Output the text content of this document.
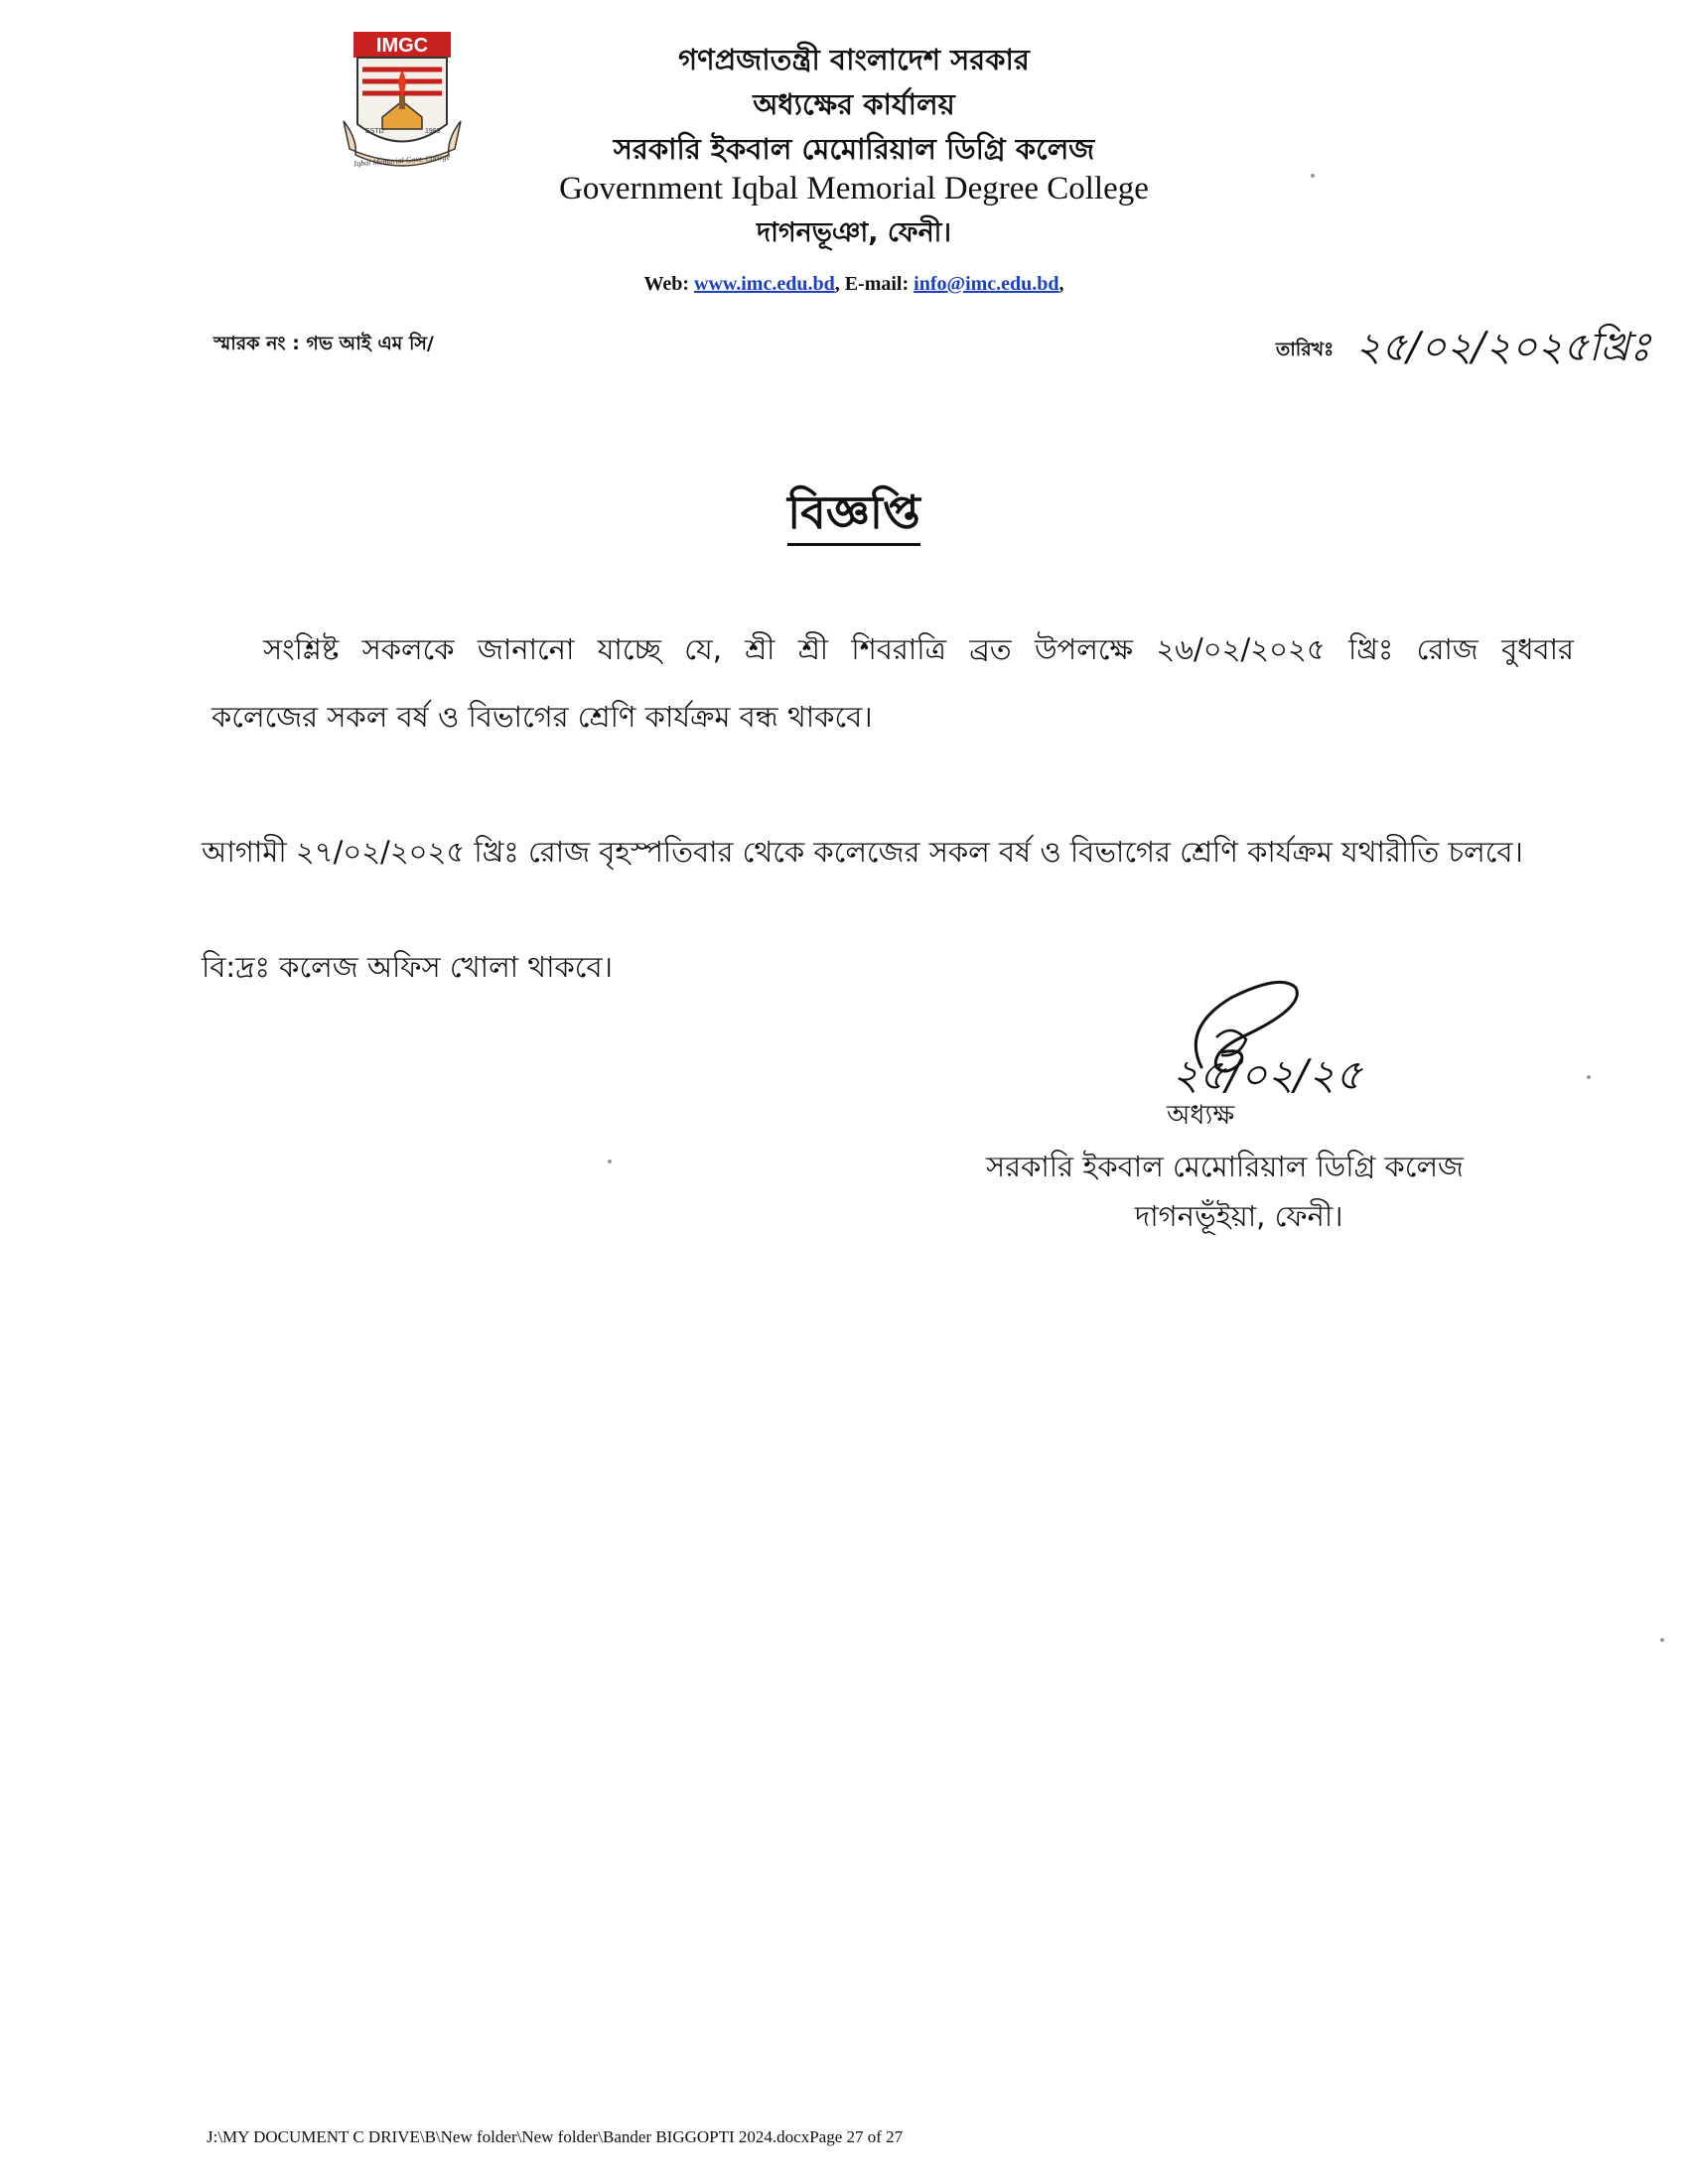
IMGC
ESTD	1983
Iqbal Memorial Govt. College
গণপ্রজাতন্ত্রী বাংলাদেশ সরকার
অধ্যক্ষের কার্যালয়
সরকারি ইকবাল মেমোরিয়াল ডিগ্রি কলেজ
Government Iqbal Memorial Degree College
দাগনভূঞা, ফেনী।
Web: www.imc.edu.bd, E-mail: info@imc.edu.bd,
স্মারক নং : গভ আই এম সি/	তারিখঃ ২৫/০২/২০২৫খ্রিঃ
বিজ্ঞপ্তি
সংশ্লিষ্ট সকলকে জানানো যাচ্ছে যে, শ্রী শ্রী শিবরাত্রি ব্রত উপলক্ষে ২৬/০২/২০২৫ খ্রিঃ রোজ বুধবার
কলেজের সকল বর্ষ ও বিভাগের শ্রেণি কার্যক্রম বন্ধ থাকবে।
আগামী ২৭/০২/২০২৫ খ্রিঃ রোজ বৃহস্পতিবার থেকে কলেজের সকল বর্ষ ও বিভাগের শ্রেণি কার্যক্রম যথারীতি চলবে।
বি:দ্রঃ কলেজ অফিস খোলা থাকবে।
২৫/০২/২৫
অধ্যক্ষ
সরকারি ইকবাল মেমোরিয়াল ডিগ্রি কলেজ
দাগনভূঁইয়া, ফেনী।
J:\MY DOCUMENT C DRIVE\B\New folder\New folder\Bander BIGGOPTI 2024.docxPage 27 of 27
